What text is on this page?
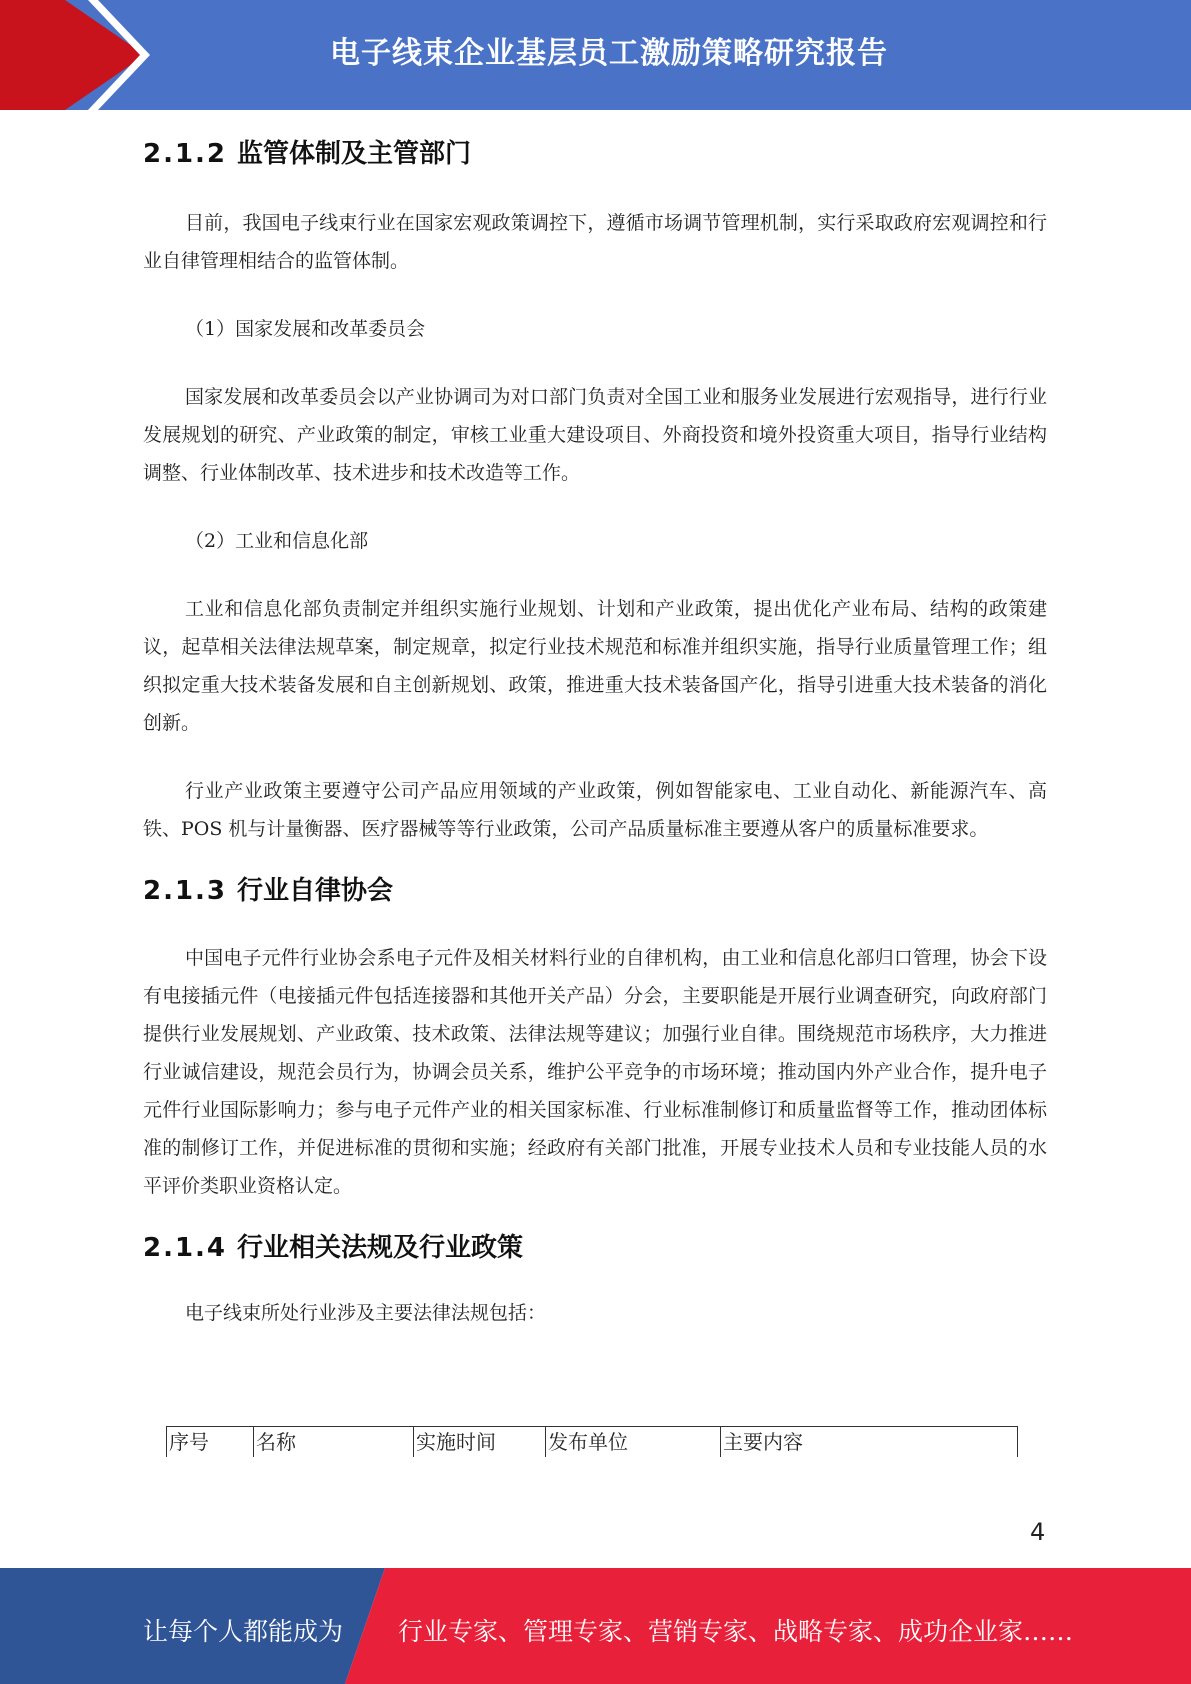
电子线束企业基层员工激励策略研究报告
2.1.2 监管体制及主管部门

目前，我国电子线束行业在国家宏观政策调控下，遵循市场调节管理机制，实行采取政府宏观调控和行业自律管理相结合的监管体制。

（1）国家发展和改革委员会

国家发展和改革委员会以产业协调司为对口部门负责对全国工业和服务业发展进行宏观指导，进行行业发展规划的研究、产业政策的制定，审核工业重大建设项目、外商投资和境外投资重大项目，指导行业结构调整、行业体制改革、技术进步和技术改造等工作。

（2）工业和信息化部

工业和信息化部负责制定并组织实施行业规划、计划和产业政策，提出优化产业布局、结构的政策建议，起草相关法律法规草案，制定规章，拟定行业技术规范和标准并组织实施，指导行业质量管理工作；组织拟定重大技术装备发展和自主创新规划、政策，推进重大技术装备国产化，指导引进重大技术装备的消化创新。

行业产业政策主要遵守公司产品应用领域的产业政策，例如智能家电、工业自动化、新能源汽车、高铁、POS 机与计量衡器、医疗器械等等行业政策，公司产品质量标准主要遵从客户的质量标准要求。

2.1.3 行业自律协会

中国电子元件行业协会系电子元件及相关材料行业的自律机构，由工业和信息化部归口管理，协会下设有电接插元件（电接插元件包括连接器和其他开关产品）分会，主要职能是开展行业调查研究，向政府部门提供行业发展规划、产业政策、技术政策、法律法规等建议；加强行业自律。围绕规范市场秩序，大力推进行业诚信建设，规范会员行为，协调会员关系，维护公平竞争的市场环境；推动国内外产业合作，提升电子元件行业国际影响力；参与电子元件产业的相关国家标准、行业标准制修订和质量监督等工作，推动团体标准的制修订工作，并促进标准的贯彻和实施；经政府有关部门批准，开展专业技术人员和专业技能人员的水平评价类职业资格认定。

2.1.4 行业相关法规及行业政策

电子线束所处行业涉及主要法律法规包括：

序号	名称	实施时间	发布单位	主要内容
4
让每个人都能成为 行业专家、管理专家、营销专家、战略专家、成功企业家……
